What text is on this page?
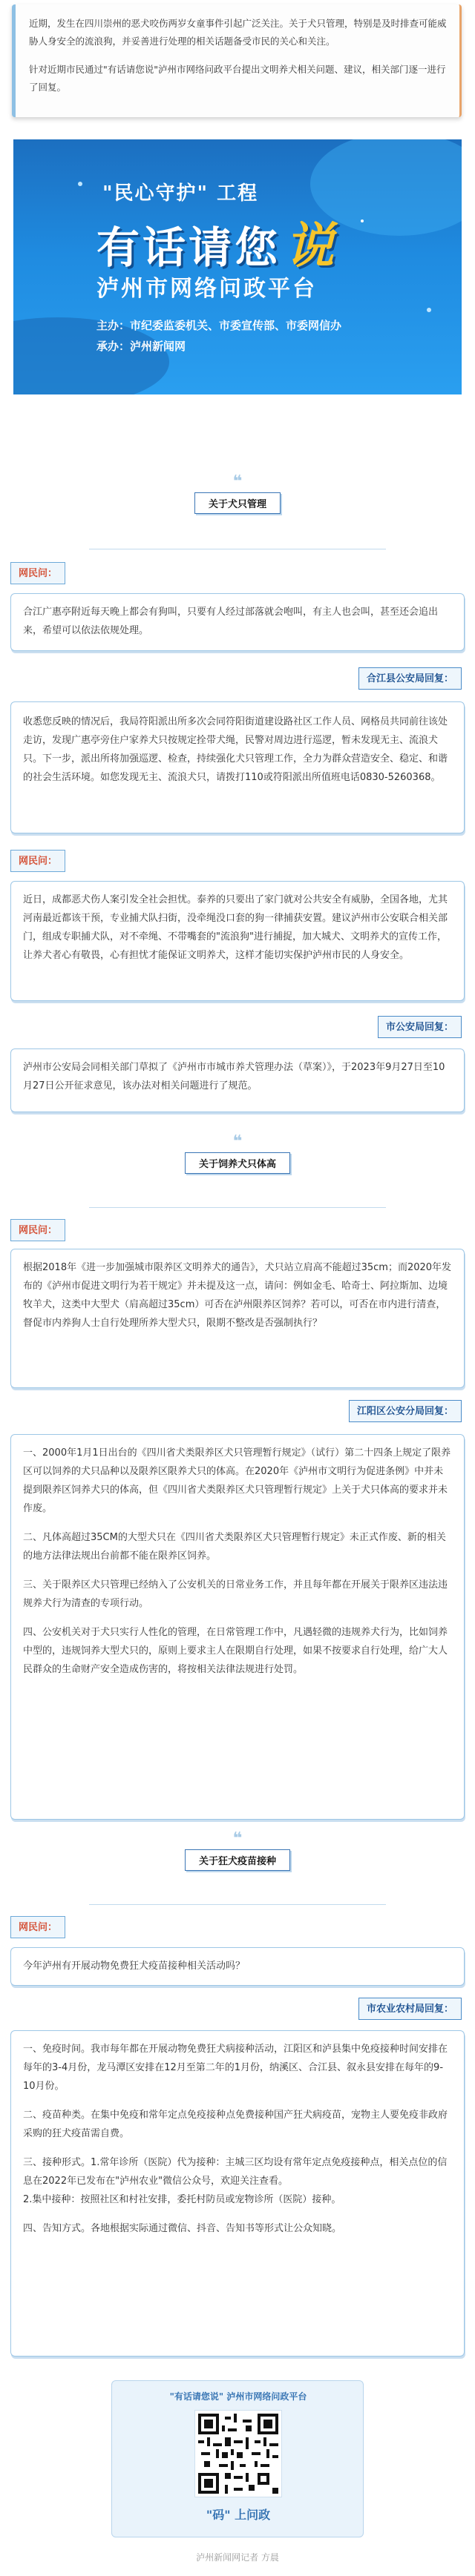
近期，发生在四川崇州的恶犬咬伤两岁女童事件引起广泛关注。关于犬只管理，特别是及时排查可能威胁人身安全的流浪狗，并妥善进行处理的相关话题备受市民的关心和关注。

针对近期市民通过"有话请您说"泸州市网络问政平台提出文明养犬相关问题、建议，相关部门逐一进行了回复。

"民心守护" 工程
有话请您说
泸州市网络问政平台
主办：市纪委监委机关、市委宣传部、市委网信办
承办：泸州新闻网
❝
关于犬只管理
网民问：

合江广惠亭附近每天晚上都会有狗叫，只要有人经过部落就会咆叫，有主人也会叫，甚至还会追出来，希望可以依法依规处理。

合江县公安局回复：

收悉您反映的情况后，我局符阳派出所多次会同符阳街道建设路社区工作人员、网格员共同前往该处走访，发现广惠亭旁住户家养犬只按规定拴带犬绳，民警对周边进行巡逻，暂未发现无主、流浪犬只。下一步，派出所将加强巡逻、检查，持续强化犬只管理工作，全力为群众营造安全、稳定、和谐的社会生活环境。如您发现无主、流浪犬只，请拨打110或符阳派出所值班电话0830-5260368。

网民问：

近日，成都恶犬伤人案引发全社会担忧。泰养的只要出了家门就对公共安全有威胁，全国各地，尤其河南最近都该干预，专业捕犬队扫街，没牵绳没口套的狗一律捕获安置。建议泸州市公安联合相关部门，组成专职捕犬队，对不牵绳、不带嘴套的"流浪狗"进行捕捉，加大城犬、文明养犬的宣传工作，让养犬者心有敬畏，心有担忧才能保证文明养犬，这样才能切实保护泸州市民的人身安全。

市公安局回复：

泸州市公安局会同相关部门草拟了《泸州市市城市养犬管理办法（草案）》，于2023年9月27日至10月27日公开征求意见，该办法对相关问题进行了规范。

❝
关于饲养犬只体高
网民问：

根据2018年《进一步加强城市限养区文明养犬的通告》，犬只站立肩高不能超过35cm；而2020年发布的《泸州市促进文明行为若干规定》并未提及这一点，请问：例如金毛、哈奇士、阿拉斯加、边境牧羊犬，这类中大型犬（肩高超过35cm）可否在泸州限养区饲养？若可以，可否在市内进行清查，督促市内养狗人士自行处理所养大型犬只，限期不整改是否强制执行？

江阳区公安分局回复：

一、2000年1月1日出台的《四川省犬类限养区犬只管理暂行规定》（试行）第二十四条上规定了限养区可以饲养的犬只品种以及限养区限养犬只的体高。在2020年《泸州市文明行为促进条例》中并未提到限养区饲养犬只的体高，但《四川省犬类限养区犬只管理暂行规定》上关于犬只体高的要求并未作废。

二、凡体高超过35CM的大型犬只在《四川省犬类限养区犬只管理暂行规定》未正式作废、新的相关的地方法律法规出台前都不能在限养区饲养。

三、关于限养区犬只管理已经纳入了公安机关的日常业务工作，并且每年都在开展关于限养区违法违规养犬行为清查的专项行动。

四、公安机关对于犬只实行人性化的管理，在日常管理工作中，凡遇轻微的违规养犬行为，比如饲养中型的，违规饲养大型犬只的，原则上要求主人在限期自行处理，如果不按要求自行处理，给广大人民群众的生命财产安全造成伤害的，将按相关法律法规进行处罚。

❝
关于狂犬疫苗接种
网民问：

今年泸州有开展动物免费狂犬疫苗接种相关活动吗？

市农业农村局回复：

一、免疫时间。我市每年都在开展动物免费狂犬病接种活动，江阳区和泸县集中免疫接种时间安排在每年的3-4月份，龙马潭区安排在12月至第二年的1月份，纳溪区、合江县、叙永县安排在每年的9-10月份。

二、疫苗种类。在集中免疫和常年定点免疫接种点免费接种国产狂犬病疫苗，宠物主人要免疫非政府采购的狂犬疫苗需自费。

三、接种形式。1.常年诊所（医院）代为接种：主城三区均设有常年定点免疫接种点，相关点位的信息在2022年已发布在"泸州农业"微信公众号，欢迎关注查看。

2.集中接种：按照社区和村社安排，委托村防员或宠物诊所（医院）接种。

四、告知方式。各地根据实际通过微信、抖音、告知书等形式让公众知晓。

"有话请您说" 泸州市网络问政平台
"码" 上问政
泸州新闻网记者 方晨
